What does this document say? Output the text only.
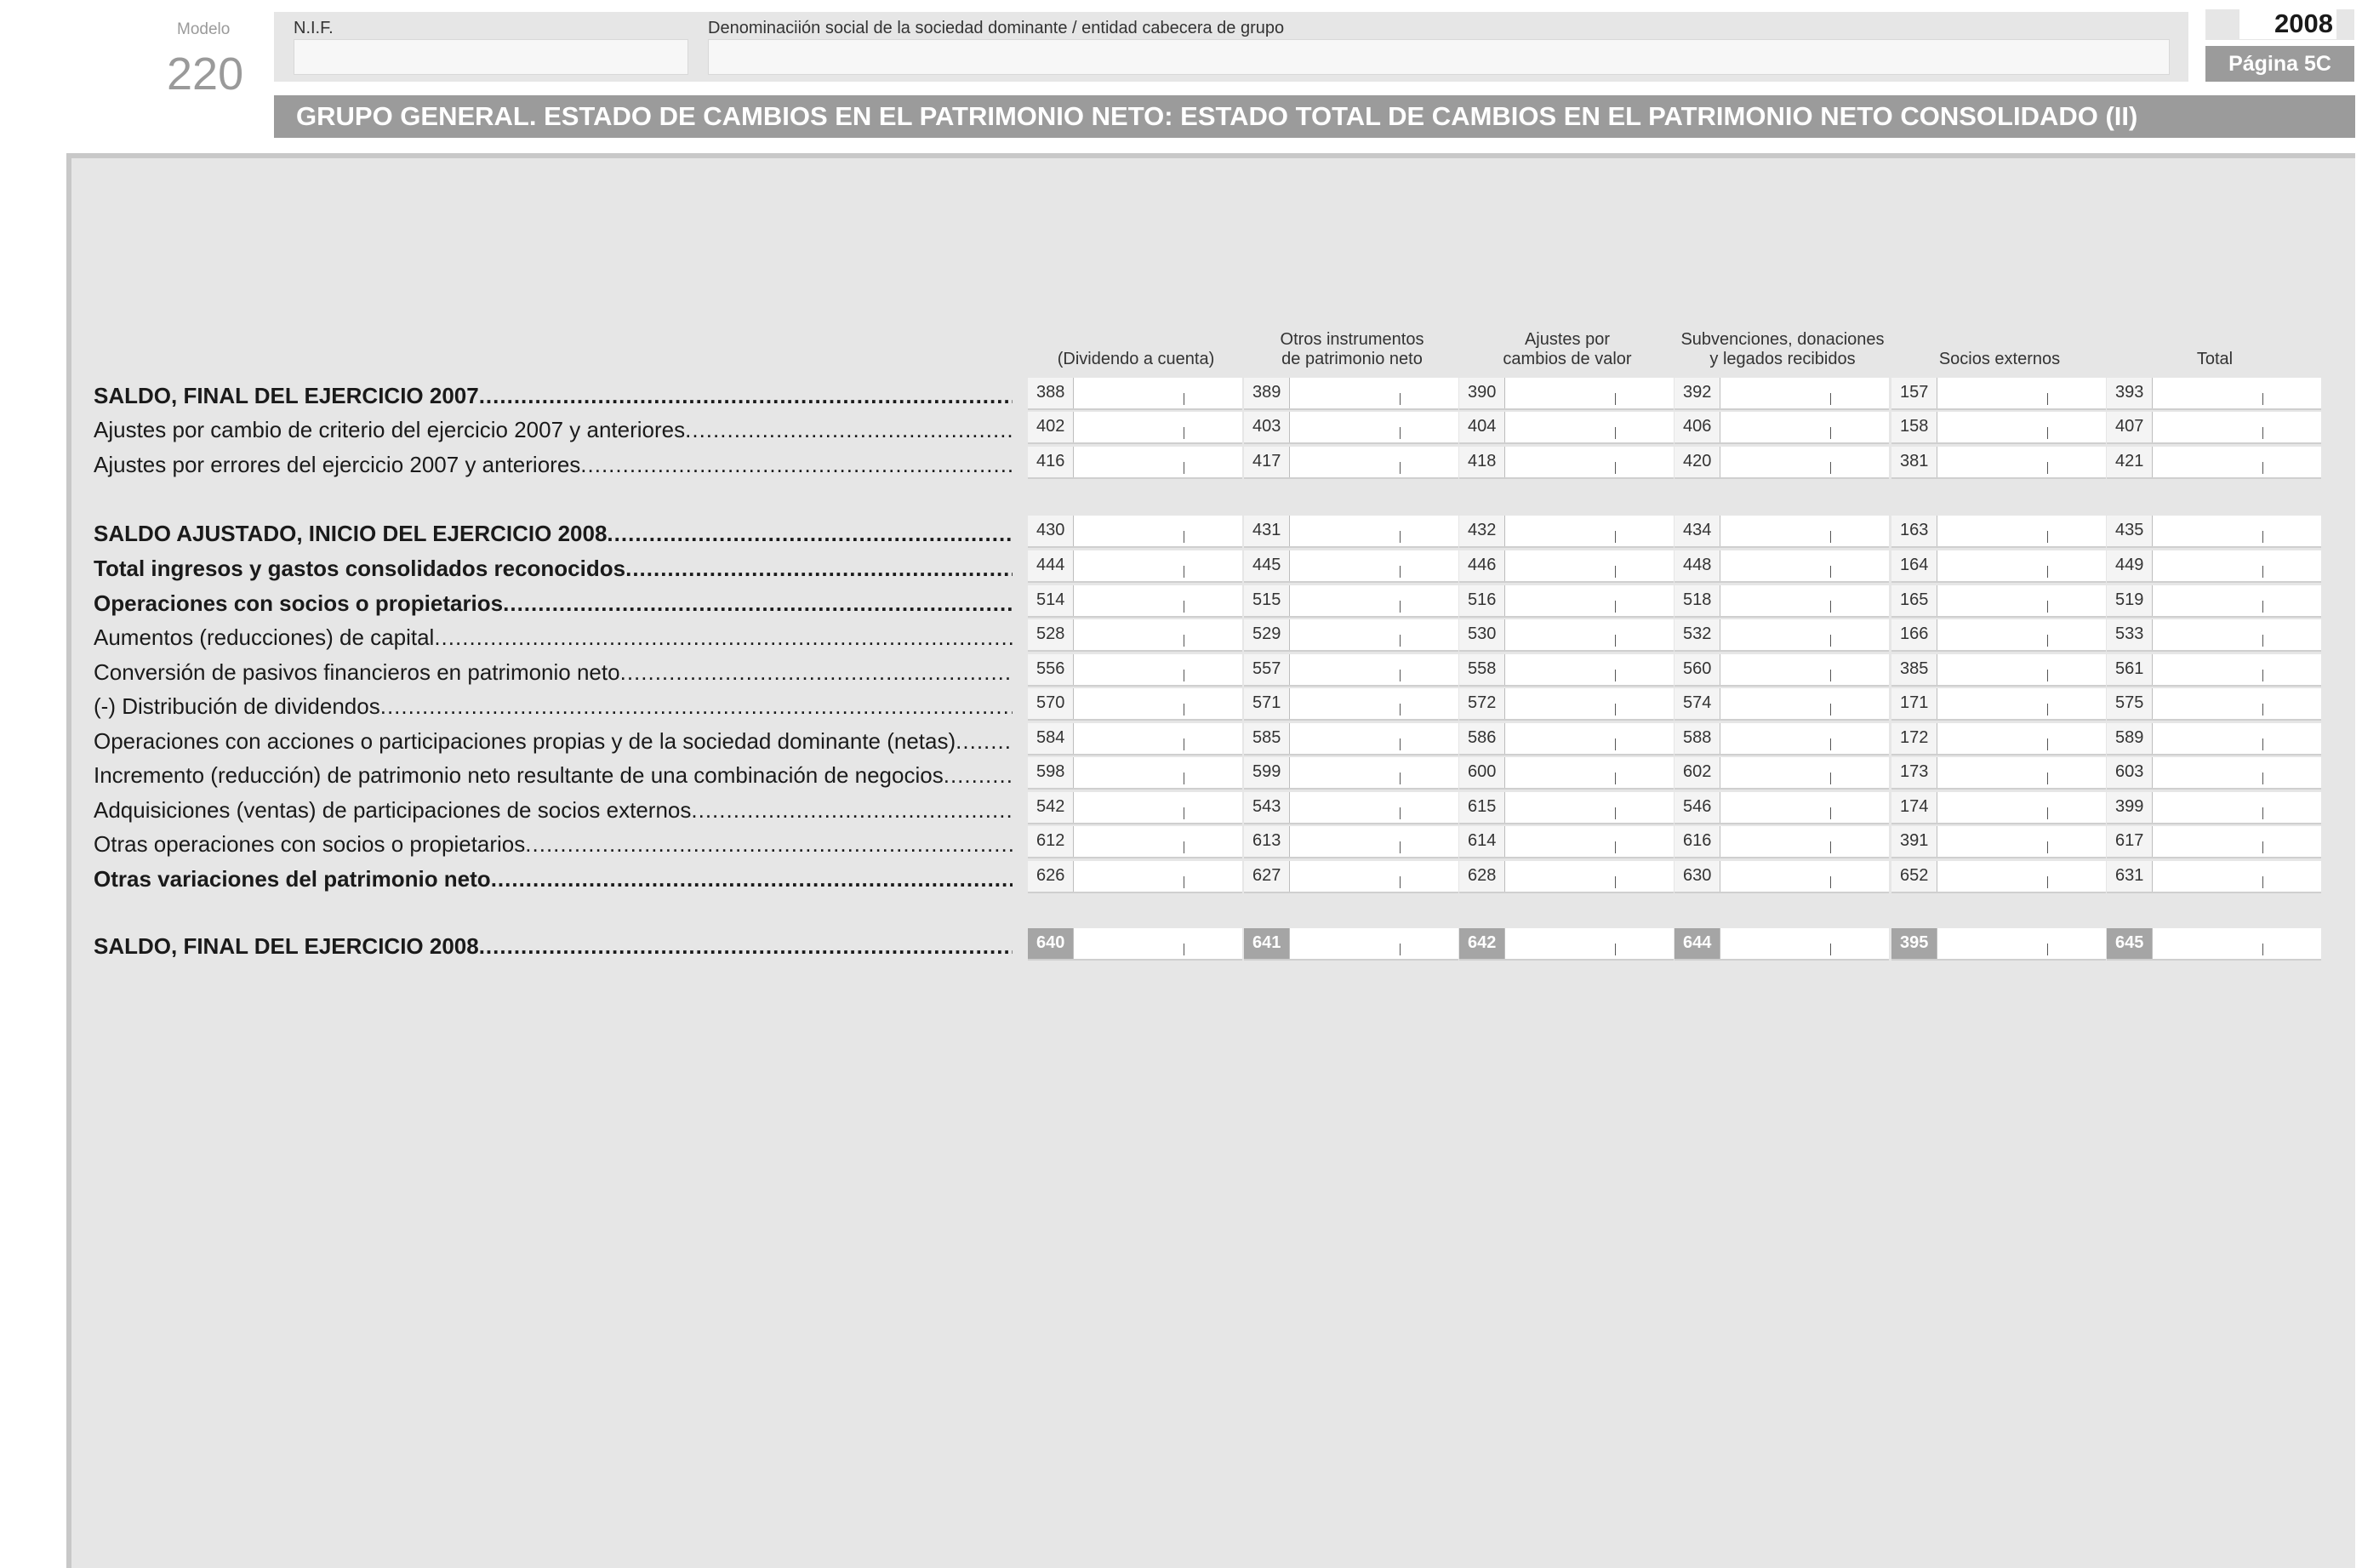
Modelo
220
N.I.F.	Denominaciión social de la sociedad dominante / entidad cabecera de grupo	2008
Página 5C
GRUPO GENERAL. ESTADO DE CAMBIOS EN EL PATRIMONIO NETO: ESTADO TOTAL DE CAMBIOS EN EL PATRIMONIO NETO CONSOLIDADO (II)
(Dividendo a cuenta)
Otros instrumentos
de patrimonio neto
Ajustes por
cambios de valor
Subvenciones, donaciones
y legados recibidos	Socios externos	Total
SALDO, FINAL DEL EJERCICIO 2007 .....	388	389	390	392	157	393
Ajustes por cambio de criterio del ejercicio 2007 y anteriores .....	402	403	404	406	158	407
Ajustes por errores del ejercicio 2007 y anteriores .....	416	417	418	420	381	421
SALDO AJUSTADO, INICIO DEL EJERCICIO 2008 .....	430	431	432	434	163	435
Total ingresos y gastos consolidados reconocidos .....	444	445	446	448	164	449
Operaciones con socios o propietarios .....	514	515	516	518	165	519
Aumentos (reducciones) de capital .....	528	529	530	532	166	533
Conversión de pasivos financieros en patrimonio neto .....	556	557	558	560	385	561
(-) Distribución de dividendos .....	570	571	572	574	171	575
Operaciones con acciones o participaciones propias y de la sociedad dominante (netas) .....	584	585	586	588	172	589
Incremento (reducción) de patrimonio neto resultante de una combinación de negocios .....	598	599	600	602	173	603
Adquisiciones (ventas) de participaciones de socios externos .....	542	543	615	546	174	399
Otras operaciones con socios o propietarios .....	612	613	614	616	391	617
Otras variaciones del patrimonio neto .....	626	627	628	630	652	631
SALDO, FINAL DEL EJERCICIO 2008 .....	640	641	642	644	395	645
